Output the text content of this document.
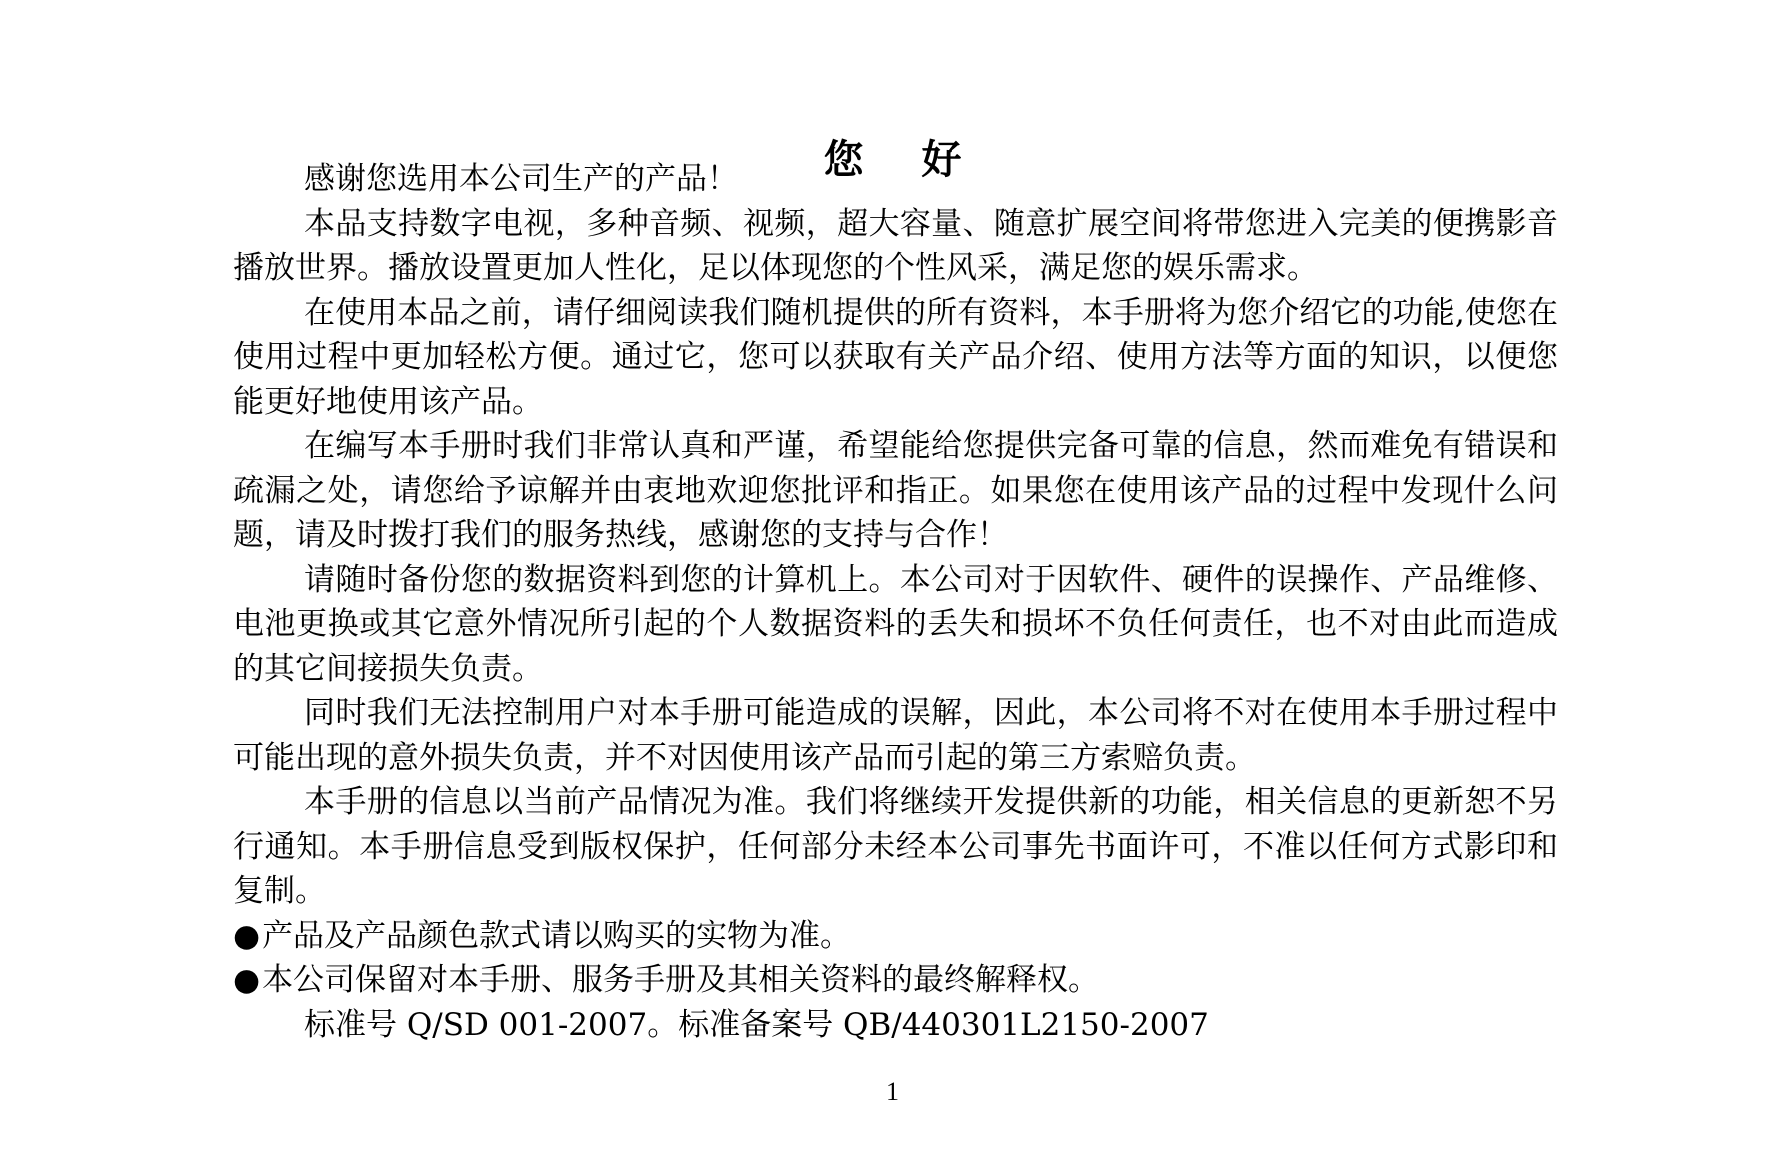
您 好

感谢您选用本公司生产的产品！

本品支持数字电视，多种音频、视频，超大容量、随意扩展空间将带您进入完美的便携影音播放世界。播放设置更加人性化，足以体现您的个性风采，满足您的娱乐需求。

在使用本品之前，请仔细阅读我们随机提供的所有资料，本手册将为您介绍它的功能,使您在使用过程中更加轻松方便。通过它，您可以获取有关产品介绍、使用方法等方面的知识，以便您能更好地使用该产品。

在编写本手册时我们非常认真和严谨，希望能给您提供完备可靠的信息，然而难免有错误和疏漏之处，请您给予谅解并由衷地欢迎您批评和指正。如果您在使用该产品的过程中发现什么问题，请及时拨打我们的服务热线，感谢您的支持与合作！

请随时备份您的数据资料到您的计算机上。本公司对于因软件、硬件的误操作、产品维修、电池更换或其它意外情况所引起的个人数据资料的丢失和损坏不负任何责任，也不对由此而造成的其它间接损失负责。

同时我们无法控制用户对本手册可能造成的误解，因此，本公司将不对在使用本手册过程中可能出现的意外损失负责，并不对因使用该产品而引起的第三方索赔负责。

本手册的信息以当前产品情况为准。我们将继续开发提供新的功能，相关信息的更新恕不另行通知。本手册信息受到版权保护，任何部分未经本公司事先书面许可，不准以任何方式影印和复制。

●产品及产品颜色款式请以购买的实物为准。

●本公司保留对本手册、服务手册及其相关资料的最终解释权。

标准号 Q/SD 001-2007。标准备案号 QB/440301L2150-2007

1
